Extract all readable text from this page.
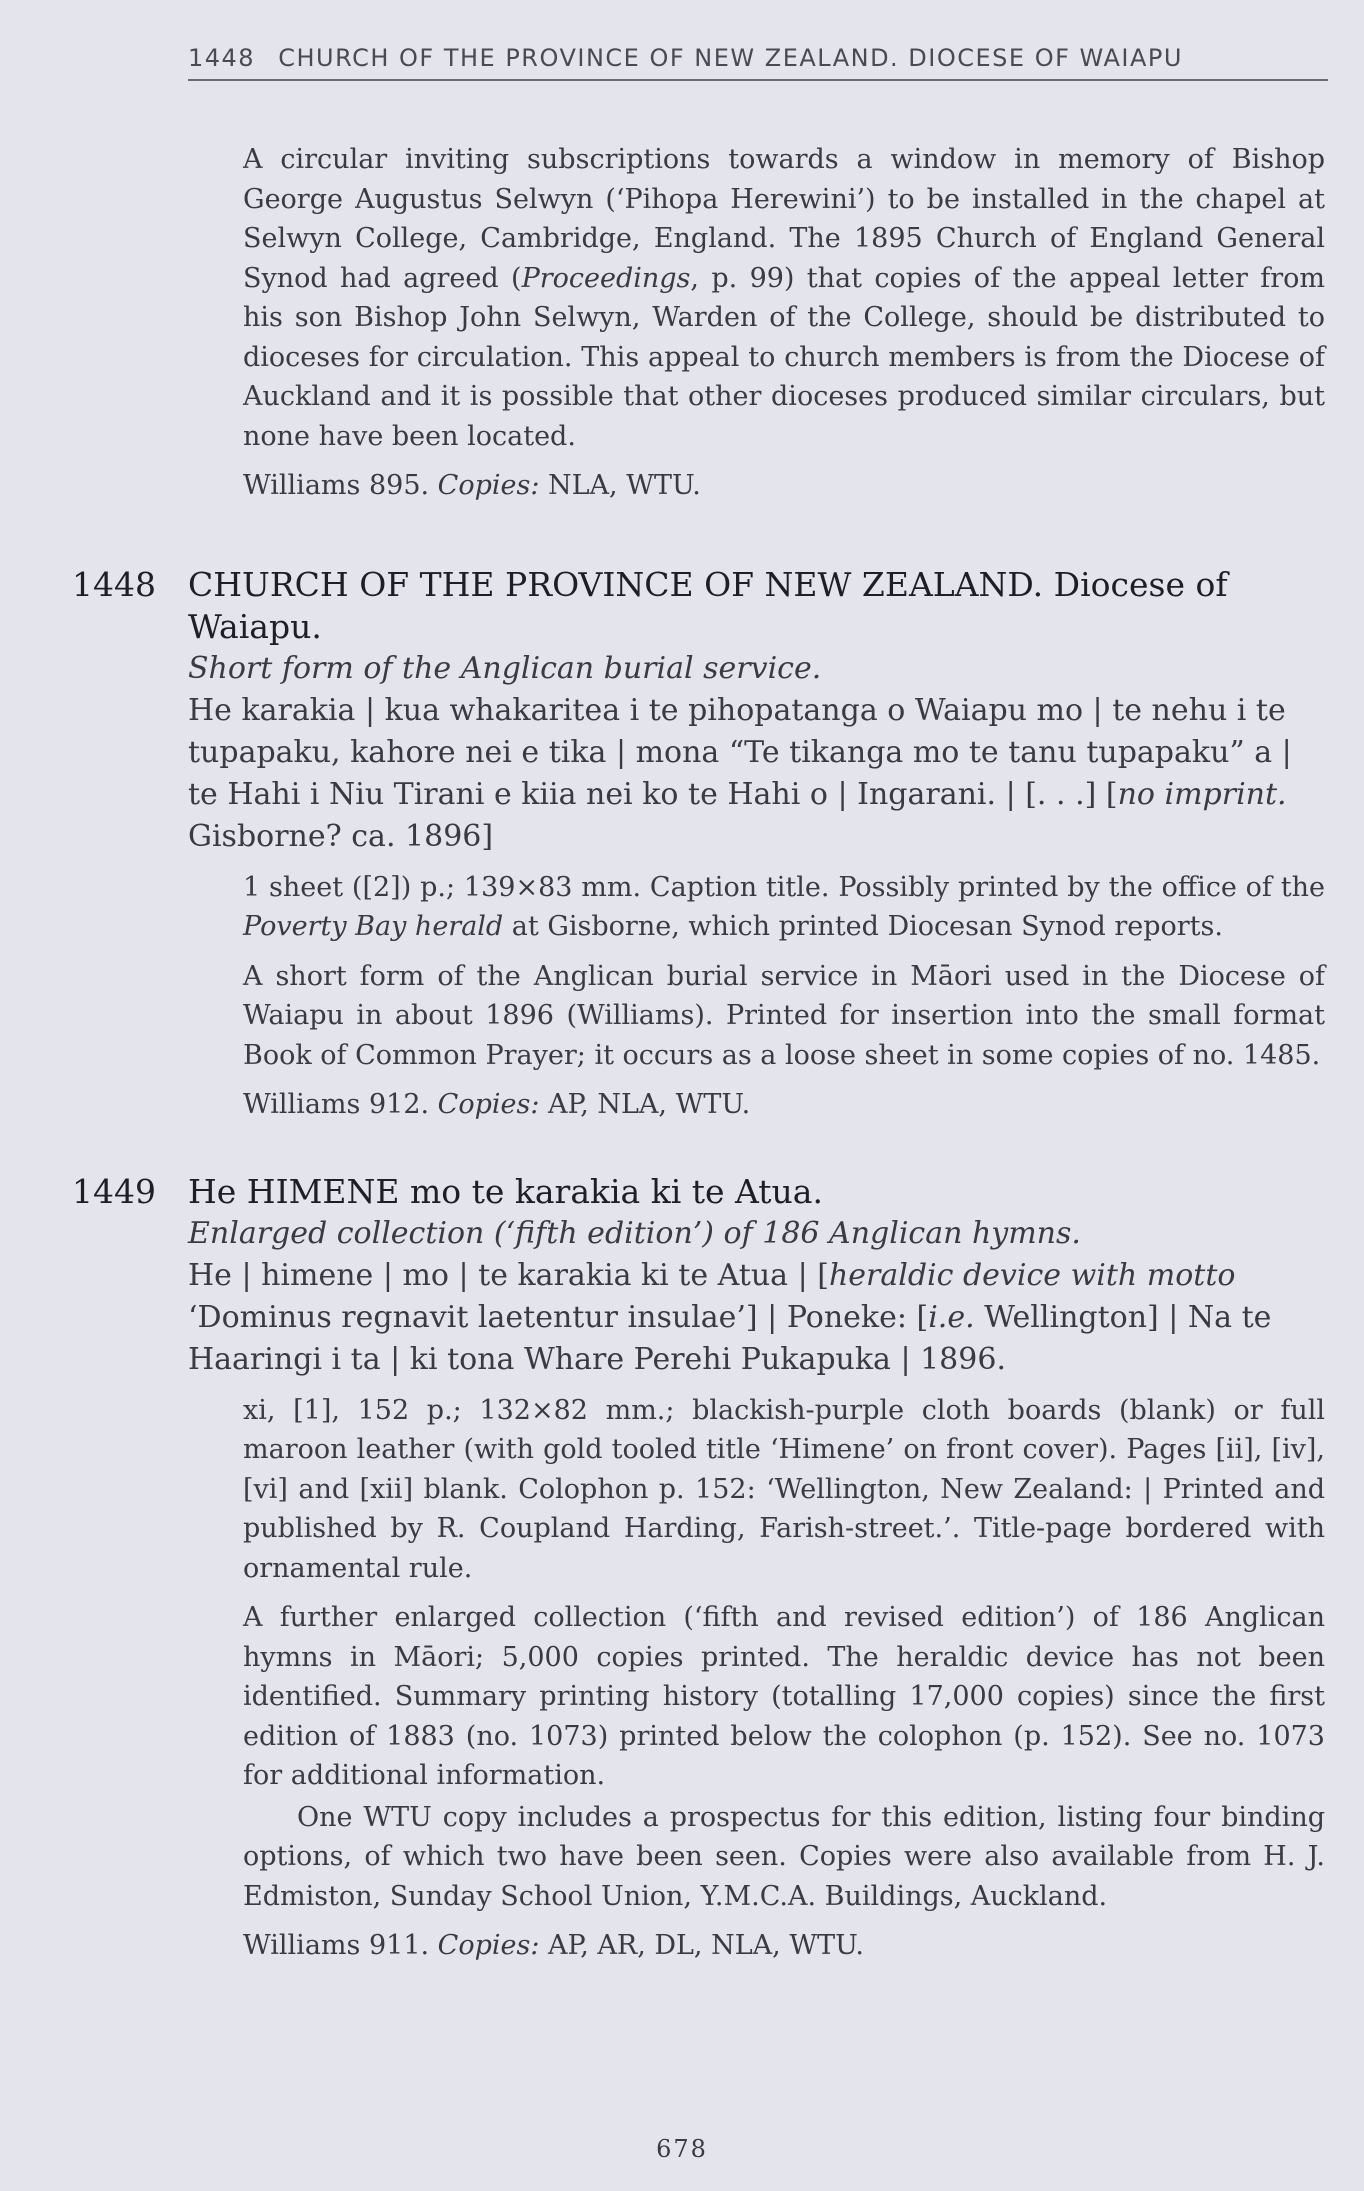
1448 CHURCH OF THE PROVINCE OF NEW ZEALAND. DIOCESE OF WAIAPU

A circular inviting subscriptions towards a window in memory of Bishop George Augustus Selwyn (‘Pihopa Herewini’) to be installed in the chapel at Selwyn College, Cambridge, England. The 1895 Church of England General Synod had agreed (Proceedings, p. 99) that copies of the appeal letter from his son Bishop John Selwyn, Warden of the College, should be distributed to dioceses for circulation. This appeal to church members is from the Diocese of Auckland and it is possible that other dioceses produced similar circulars, but none have been located.

Williams 895. Copies: NLA, WTU.
1448 CHURCH OF THE PROVINCE OF NEW ZEALAND. Diocese of Waiapu.
Short form of the Anglican burial service.
He karakia | kua whakaritea i te pihopatanga o Waiapu mo | te nehu i te tupapaku, kahore nei e tika | mona “Te tikanga mo te tanu tupapaku” a | te Hahi i Niu Tirani e kiia nei ko te Hahi o | Ingarani. | [. . .] [no imprint. Gisborne? ca. 1896]

1 sheet ([2]) p.; 139×83 mm. Caption title. Possibly printed by the office of the Poverty Bay herald at Gisborne, which printed Diocesan Synod reports.

A short form of the Anglican burial service in Māori used in the Diocese of Waiapu in about 1896 (Williams). Printed for insertion into the small format Book of Common Prayer; it occurs as a loose sheet in some copies of no. 1485.

Williams 912. Copies: AP, NLA, WTU.
1449 He HIMENE mo te karakia ki te Atua.
Enlarged collection (‘fifth edition’) of 186 Anglican hymns.
He | himene | mo | te karakia ki te Atua | [heraldic device with motto ‘Dominus regnavit laetentur insulae’] | Poneke: [i.e. Wellington] | Na te Haaringi i ta | ki tona Whare Perehi Pukapuka | 1896.

xi, [1], 152 p.; 132×82 mm.; blackish-purple cloth boards (blank) or full maroon leather (with gold tooled title ‘Himene’ on front cover). Pages [ii], [iv], [vi] and [xii] blank. Colophon p. 152: ‘Wellington, New Zealand: | Printed and published by R. Coupland Harding, Farish-street.’. Title-page bordered with ornamental rule.

A further enlarged collection (‘fifth and revised edition’) of 186 Anglican hymns in Māori; 5,000 copies printed. The heraldic device has not been identified. Summary printing history (totalling 17,000 copies) since the first edition of 1883 (no. 1073) printed below the colophon (p. 152). See no. 1073 for additional information.

One WTU copy includes a prospectus for this edition, listing four binding options, of which two have been seen. Copies were also available from H. J. Edmiston, Sunday School Union, Y.M.C.A. Buildings, Auckland.

Williams 911. Copies: AP, AR, DL, NLA, WTU.
678
